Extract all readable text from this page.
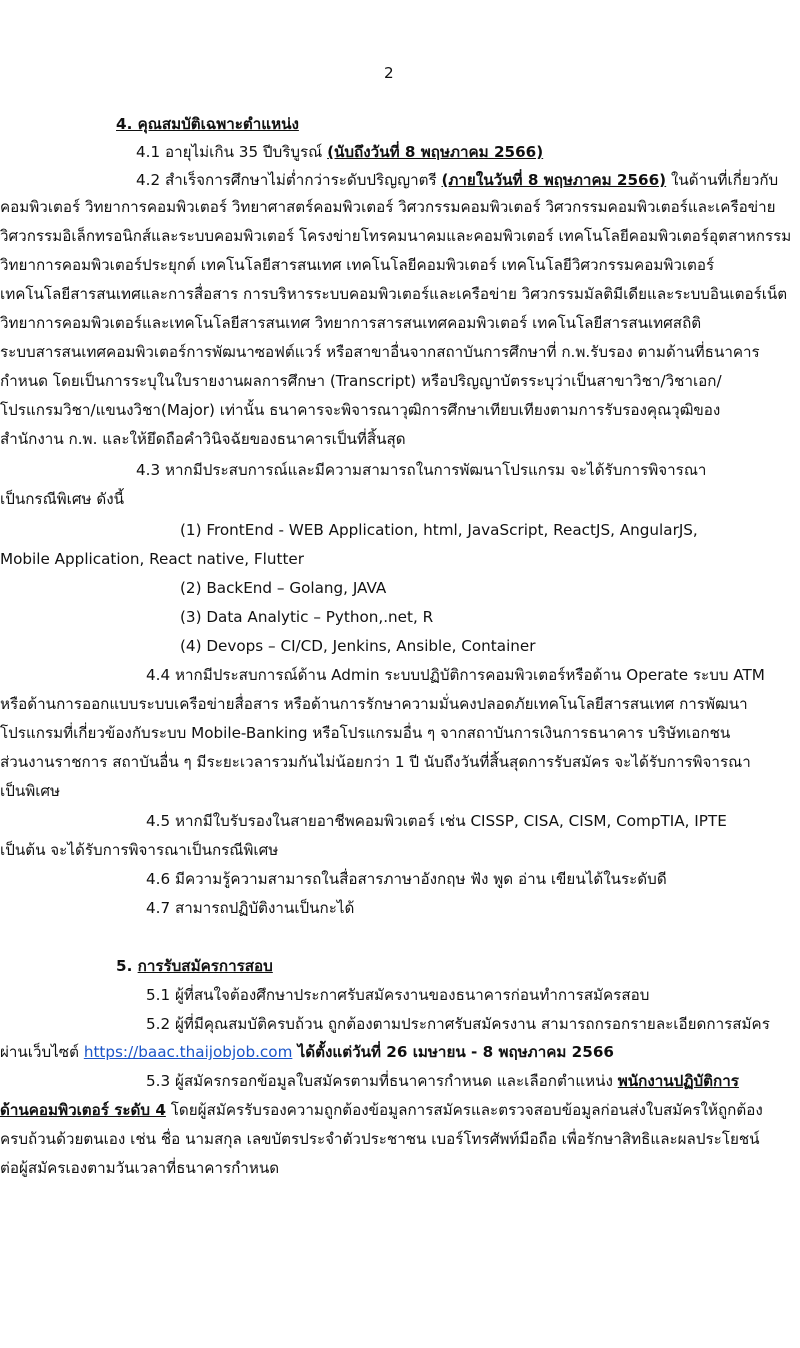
2
4. คุณสมบัติเฉพาะตำแหน่ง
4.1 อายุไม่เกิน 35 ปีบริบูรณ์ (นับถึงวันที่ 8 พฤษภาคม 2566)
4.2 สำเร็จการศึกษาไม่ต่ำกว่าระดับปริญญาตรี (ภายในวันที่ 8 พฤษภาคม 2566) ในด้านที่เกี่ยวกับ
คอมพิวเตอร์ วิทยาการคอมพิวเตอร์ วิทยาศาสตร์คอมพิวเตอร์ วิศวกรรมคอมพิวเตอร์ วิศวกรรมคอมพิวเตอร์และเครือข่าย
วิศวกรรมอิเล็กทรอนิกส์และระบบคอมพิวเตอร์ โครงข่ายโทรคมนาคมและคอมพิวเตอร์ เทคโนโลยีคอมพิวเตอร์อุตสาหกรรม
วิทยาการคอมพิวเตอร์ประยุกต์ เทคโนโลยีสารสนเทศ เทคโนโลยีคอมพิวเตอร์ เทคโนโลยีวิศวกรรมคอมพิวเตอร์
เทคโนโลยีสารสนเทศและการสื่อสาร การบริหารระบบคอมพิวเตอร์และเครือข่าย วิศวกรรมมัลติมีเดียและระบบอินเตอร์เน็ต
วิทยาการคอมพิวเตอร์และเทคโนโลยีสารสนเทศ วิทยาการสารสนเทศคอมพิวเตอร์ เทคโนโลยีสารสนเทศสถิติ
ระบบสารสนเทศคอมพิวเตอร์การพัฒนาซอฟต์แวร์ หรือสาขาอื่นจากสถาบันการศึกษาที่ ก.พ.รับรอง ตามด้านที่ธนาคาร
กำหนด โดยเป็นการระบุในใบรายงานผลการศึกษา (Transcript) หรือปริญญาบัตรระบุว่าเป็นสาขาวิชา/วิชาเอก/
โปรแกรมวิชา/แขนงวิชา(Major) เท่านั้น ธนาคารจะพิจารณาวุฒิการศึกษาเทียบเทียงตามการรับรองคุณวุฒิของ
สำนักงาน ก.พ. และให้ยึดถือคำวินิจฉัยของธนาคารเป็นที่สิ้นสุด
4.3 หากมีประสบการณ์และมีความสามารถในการพัฒนาโปรแกรม จะได้รับการพิจารณา
เป็นกรณีพิเศษ ดังนี้
(1) FrontEnd - WEB Application, html, JavaScript, ReactJS, AngularJS,
Mobile Application, React native, Flutter
(2) BackEnd – Golang, JAVA
(3) Data Analytic – Python,.net, R
(4) Devops – CI/CD, Jenkins, Ansible, Container
4.4 หากมีประสบการณ์ด้าน Admin ระบบปฏิบัติการคอมพิวเตอร์หรือด้าน Operate ระบบ ATM
หรือด้านการออกแบบระบบเครือข่ายสื่อสาร หรือด้านการรักษาความมั่นคงปลอดภัยเทคโนโลยีสารสนเทศ การพัฒนา
โปรแกรมที่เกี่ยวข้องกับระบบ Mobile-Banking หรือโปรแกรมอื่น ๆ จากสถาบันการเงินการธนาคาร บริษัทเอกชน
ส่วนงานราชการ สถาบันอื่น ๆ มีระยะเวลารวมกันไม่น้อยกว่า 1 ปี นับถึงวันที่สิ้นสุดการรับสมัคร จะได้รับการพิจารณา
เป็นพิเศษ
4.5 หากมีใบรับรองในสายอาชีพคอมพิวเตอร์ เช่น CISSP, CISA, CISM, CompTIA, IPTE
เป็นต้น จะได้รับการพิจารณาเป็นกรณีพิเศษ
4.6 มีความรู้ความสามารถในสื่อสารภาษาอังกฤษ ฟัง พูด อ่าน เขียนได้ในระดับดี
4.7 สามารถปฏิบัติงานเป็นกะได้
5. การรับสมัครการสอบ
5.1 ผู้ที่สนใจต้องศึกษาประกาศรับสมัครงานของธนาคารก่อนทำการสมัครสอบ
5.2 ผู้ที่มีคุณสมบัติครบถ้วน ถูกต้องตามประกาศรับสมัครงาน สามารถกรอกรายละเอียดการสมัคร
ผ่านเว็บไซต์ https://baac.thaijobjob.com ได้ตั้งแต่วันที่ 26 เมษายน - 8 พฤษภาคม 2566
5.3 ผู้สมัครกรอกข้อมูลใบสมัครตามที่ธนาคารกำหนด และเลือกตำแหน่ง พนักงานปฏิบัติการ
ด้านคอมพิวเตอร์ ระดับ 4 โดยผู้สมัครรับรองความถูกต้องข้อมูลการสมัครและตรวจสอบข้อมูลก่อนส่งใบสมัครให้ถูกต้อง
ครบถ้วนด้วยตนเอง เช่น ชื่อ นามสกุล เลขบัตรประจำตัวประชาชน เบอร์โทรศัพท์มือถือ เพื่อรักษาสิทธิและผลประโยชน์
ต่อผู้สมัครเองตามวันเวลาที่ธนาคารกำหนด
